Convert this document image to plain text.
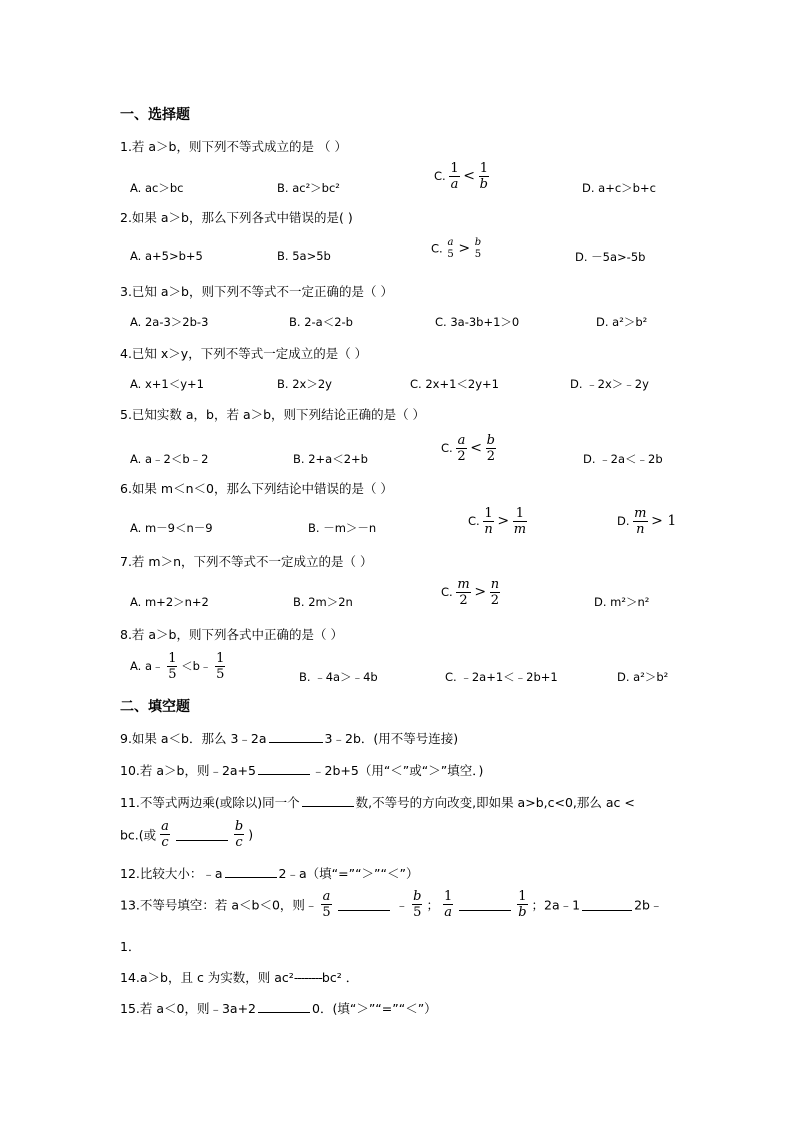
一、选择题
1.若 a＞b，则下列不等式成立的是 （ ）
A. ac＞bc	B. ac²＞bc²
C. $\frac{1}{a} < \frac{1}{b}$	D. a+c＞b+c
2.如果 a＞b，那么下列各式中错误的是( )
A. a+5>b+5	B. 5a>5b
C. a
5 > b
5	D. －5a>-5b
3.已知 a＞b，则下列不等式不一定正确的是（ ）
A. 2a-3＞2b-3	B. 2-a＜2-b	C. 3a-3b+1＞0	D. a²＞b²
4.已知 x＞y，下列不等式一定成立的是（ ）
A. x+1＜y+1	B. 2x＞2y	C. 2x+1＜2y+1	D. ﹣2x＞﹣2y
5.已知实数 a，b，若 a＞b，则下列结论正确的是（ ）
A. a﹣2＜b﹣2	B. 2+a＜2+b
C. $\frac{a}{2} < \frac{b}{2}$	D. ﹣2a＜﹣2b
6.如果 m＜n＜0，那么下列结论中错误的是（ ）
A. m－9＜n－9	B. －m＞－n	C. $\frac{1}{n} > \frac{1}{m}$	D. $\frac{m}{n} > 1$
7.若 m＞n，下列不等式不一定成立的是（ ）
A. m+2＞n+2	B. 2m＞2n
C. $\frac{m}{2} > \frac{n}{2}$	D. m²＞n²
8.若 a＞b，则下列各式中正确的是（ ）
A. a﹣ $\frac{1}{5}$ ＜b﹣ $\frac{1}{5}$	B. ﹣4a＞﹣4b	C. ﹣2a+1＜﹣2b+1	D. a²＞b²
二、填空题
9.如果 a＜b．那么 3﹣2a	3﹣2b．(用不等号连接)
10.若 a＞b，则﹣2a+5	﹣2b+5（用“＜”或“＞”填空．)
11.不等式两边乘(或除以)同一个	数,不等号的方向改变,即如果 a>b,c<0,那么 ac <
bc.(或 $\frac{a}{c}$
	$\frac{b}{c}$ )
12.比较大小：﹣a	2﹣a（填“=”“＞”“＜”）
13.不等号填空：若 a＜b＜0，则﹣ $\frac{a}{5}$	﹣ $\frac{b}{5}$ ； $\frac{1}{a}$
	$\frac{1}{b}$ ；2a﹣1	2b﹣
1．
14.a＞b，且 c 为实数，则 ac²--------bc² ．
15.若 a＜0，则﹣3a+2	0．(填“＞”“=”“＜”）
